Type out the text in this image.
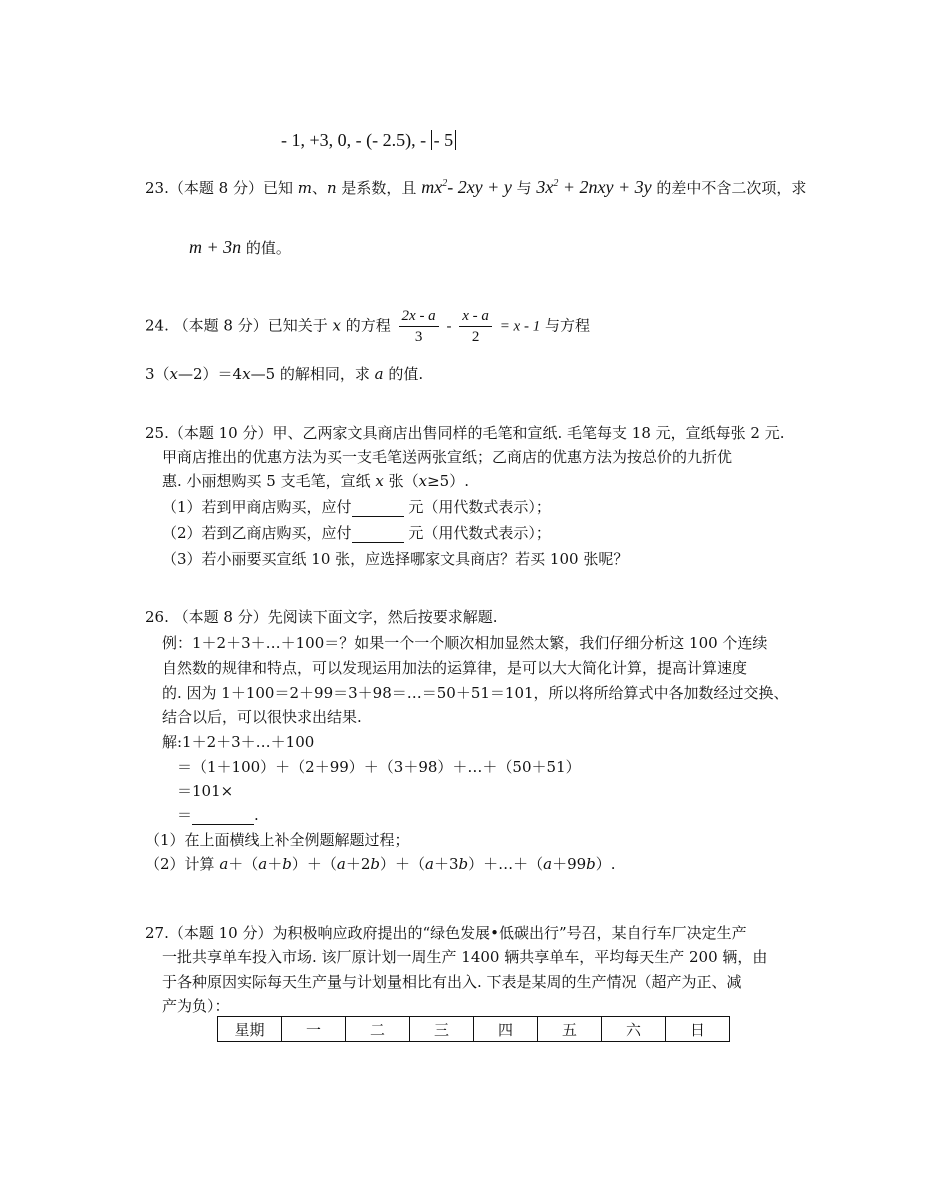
- 1, +3, 0, - (- 2.5), - - 5
23.（本题 8 分）已知 m、n 是系数，且 $mx^2-$ 2xy + y 与 $3x^2 + 2nxy + 3y$ 的差中不含二次项，求
m + 3n 的值。
24. （本题 8 分）已知关于 x 的方程 $\frac{2x - a}{3} - \frac{x - a}{2} = x - 1$ 与方程
3（x—2）＝4x—5 的解相同，求 a 的值.
25.（本题 10 分）甲、乙两家文具商店出售同样的毛笔和宣纸. 毛笔每支 18 元，宣纸每张 2 元.
甲商店推出的优惠方法为买一支毛笔送两张宣纸；乙商店的优惠方法为按总价的九折优
惠. 小丽想购买 5 支毛笔，宣纸 x 张（x≥5）.
（1）若到甲商店购买，应付	元（用代数式表示）；
（2）若到乙商店购买，应付	元（用代数式表示）；
（3）若小丽要买宣纸 10 张，应选择哪家文具商店？若买 100 张呢？
26. （本题 8 分）先阅读下面文字，然后按要求解题.
例：1＋2＋3＋…＋100＝？如果一个一个顺次相加显然太繁，我们仔细分析这 100 个连续
自然数的规律和特点，可以发现运用加法的运算律，是可以大大简化计算，提高计算速度
的. 因为 1＋100＝2＋99＝3＋98＝…＝50＋51＝101，所以将所给算式中各加数经过交换、
结合以后，可以很快求出结果.
解:1＋2＋3＋…＋100
＝（1＋100）＋（2＋99）＋（3＋98）＋…＋（50＋51）
＝101×
＝	.
（1）在上面横线上补全例题解题过程；
（2）计算 a＋（a＋b）＋（a＋2b）＋（a＋3b）＋…＋（a＋99b）.
27.（本题 10 分）为积极响应政府提出的“绿色发展•低碳出行”号召，某自行车厂决定生产
一批共享单车投入市场. 该厂原计划一周生产 1400 辆共享单车，平均每天生产 200 辆，由
于各种原因实际每天生产量与计划量相比有出入. 下表是某周的生产情况（超产为正、减
产为负）：
星期	一	二	三	四	五	六	日
